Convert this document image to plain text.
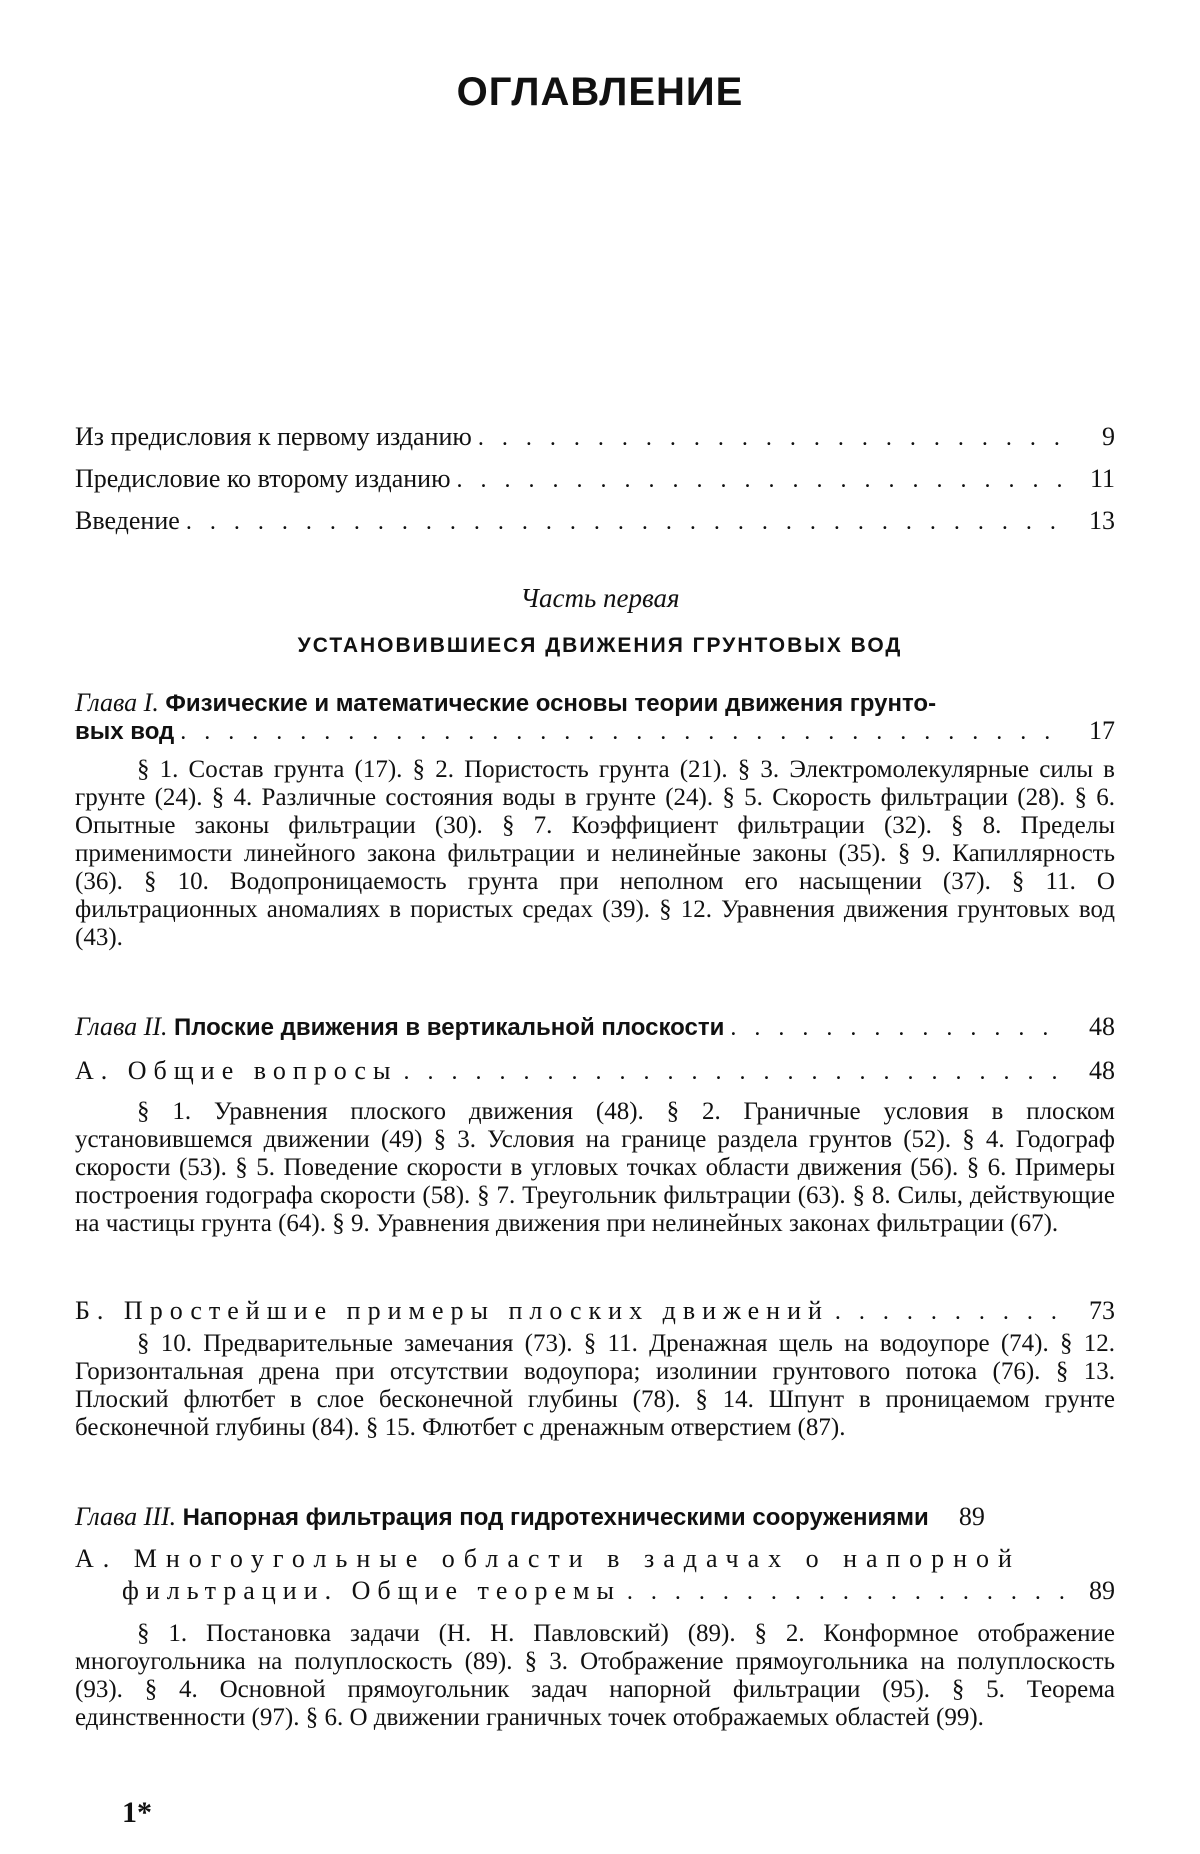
ОГЛАВЛЕНИЕ
Из предисловия к первому изданию . . .	9
Предисловие ко второму изданию . . .	11
Введение . . .	13
Часть первая
УСТАНОВИВШИЕСЯ ДВИЖЕНИЯ ГРУНТОВЫХ ВОД
Глава I. Физические и математические основы теории движения грунто-
вых вод . . .	17
§ 1. Состав грунта (17). § 2. Пористость грунта (21). § 3. Электромолекулярные силы в грунте (24). § 4. Различные состояния воды в грунте (24). § 5. Скорость фильтрации (28). § 6. Опытные законы фильтрации (30). § 7. Коэффициент фильтрации (32). § 8. Пределы применимости линейного закона фильтрации и нелинейные законы (35). § 9. Капиллярность (36). § 10. Водопроницаемость грунта при неполном его насыщении (37). § 11. О фильтрационных аномалиях в пористых средах (39). § 12. Уравнения движения грунтовых вод (43).
Глава II. Плоские движения в вертикальной плоскости . . .	48
А. Общие вопросы . . .	48
§ 1. Уравнения плоского движения (48). § 2. Граничные условия в плоском установившемся движении (49) § 3. Условия на границе раздела грунтов (52). § 4. Годограф скорости (53). § 5. Поведение скорости в угловых точках области движения (56). § 6. Примеры построения годографа скорости (58). § 7. Треугольник фильтрации (63). § 8. Силы, действующие на частицы грунта (64). § 9. Уравнения движения при нелинейных законах фильтрации (67).
Б. Простейшие примеры плоских движений . . .	73
§ 10. Предварительные замечания (73). § 11. Дренажная щель на водоупоре (74). § 12. Горизонтальная дрена при отсутствии водоупора; изолинии грунтового потока (76). § 13. Плоский флютбет в слое бесконечной глубины (78). § 14. Шпунт в проницаемом грунте бесконечной глубины (84). § 15. Флютбет с дренажным отверстием (87).
Глава III. Напорная фильтрация под гидротехническими сооружениями	89
А. Многоугольные области в задачах о напорной
фильтрации. Общие теоремы . . .	89
§ 1. Постановка задачи (Н. Н. Павловский) (89). § 2. Конформное отображение многоугольника на полуплоскость (89). § 3. Отображение прямоугольника на полуплоскость (93). § 4. Основной прямоугольник задач напорной фильтрации (95). § 5. Теорема единственности (97). § 6. О движении граничных точек отображаемых областей (99).
1*
